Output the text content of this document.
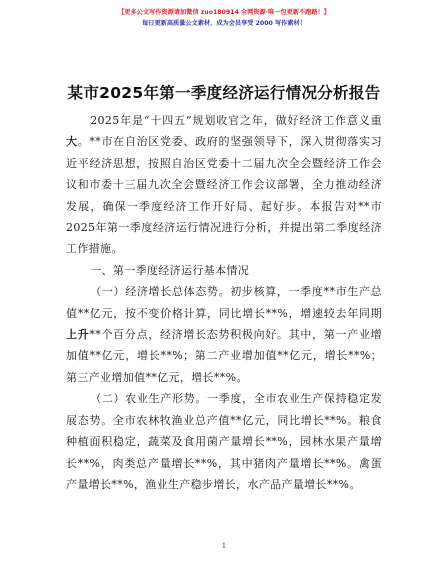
【更多公文写作资源请加微信 zuo180914 全网资源·唯一包更新不跑路！】
每日更新高质量公文素材，成为会员享受 2000 写作素材！
某市2025年第一季度经济运行情况分析报告

2025年是“十四五”规划收官之年，做好经济工作意义重大。**市在自治区党委、政府的坚强领导下，深入贯彻落实习近平经济思想，按照自治区党委十二届九次全会暨经济工作会议和市委十三届九次全会暨经济工作会议部署，全力推动经济发展，确保一季度经济工作开好局、起好步。本报告对**市2025年第一季度经济运行情况进行分析，并提出第二季度经济工作措施。

一、第一季度经济运行基本情况

（一）经济增长总体态势。初步核算，一季度**市生产总值**亿元，按不变价格计算，同比增长**%，增速较去年同期上升**个百分点，经济增长态势积极向好。其中，第一产业增加值**亿元，增长**%；第二产业增加值**亿元，增长**%；第三产业增加值**亿元，增长**%。

（二）农业生产形势。一季度，全市农业生产保持稳定发展态势。全市农林牧渔业总产值**亿元，同比增长**%。粮食种植面积稳定，蔬菜及食用菌产量增长**%，园林水果产量增长**%，肉类总产量增长**%，其中猪肉产量增长**%。禽蛋产量增长**%，渔业生产稳步增长，水产品产量增长**%。

1
